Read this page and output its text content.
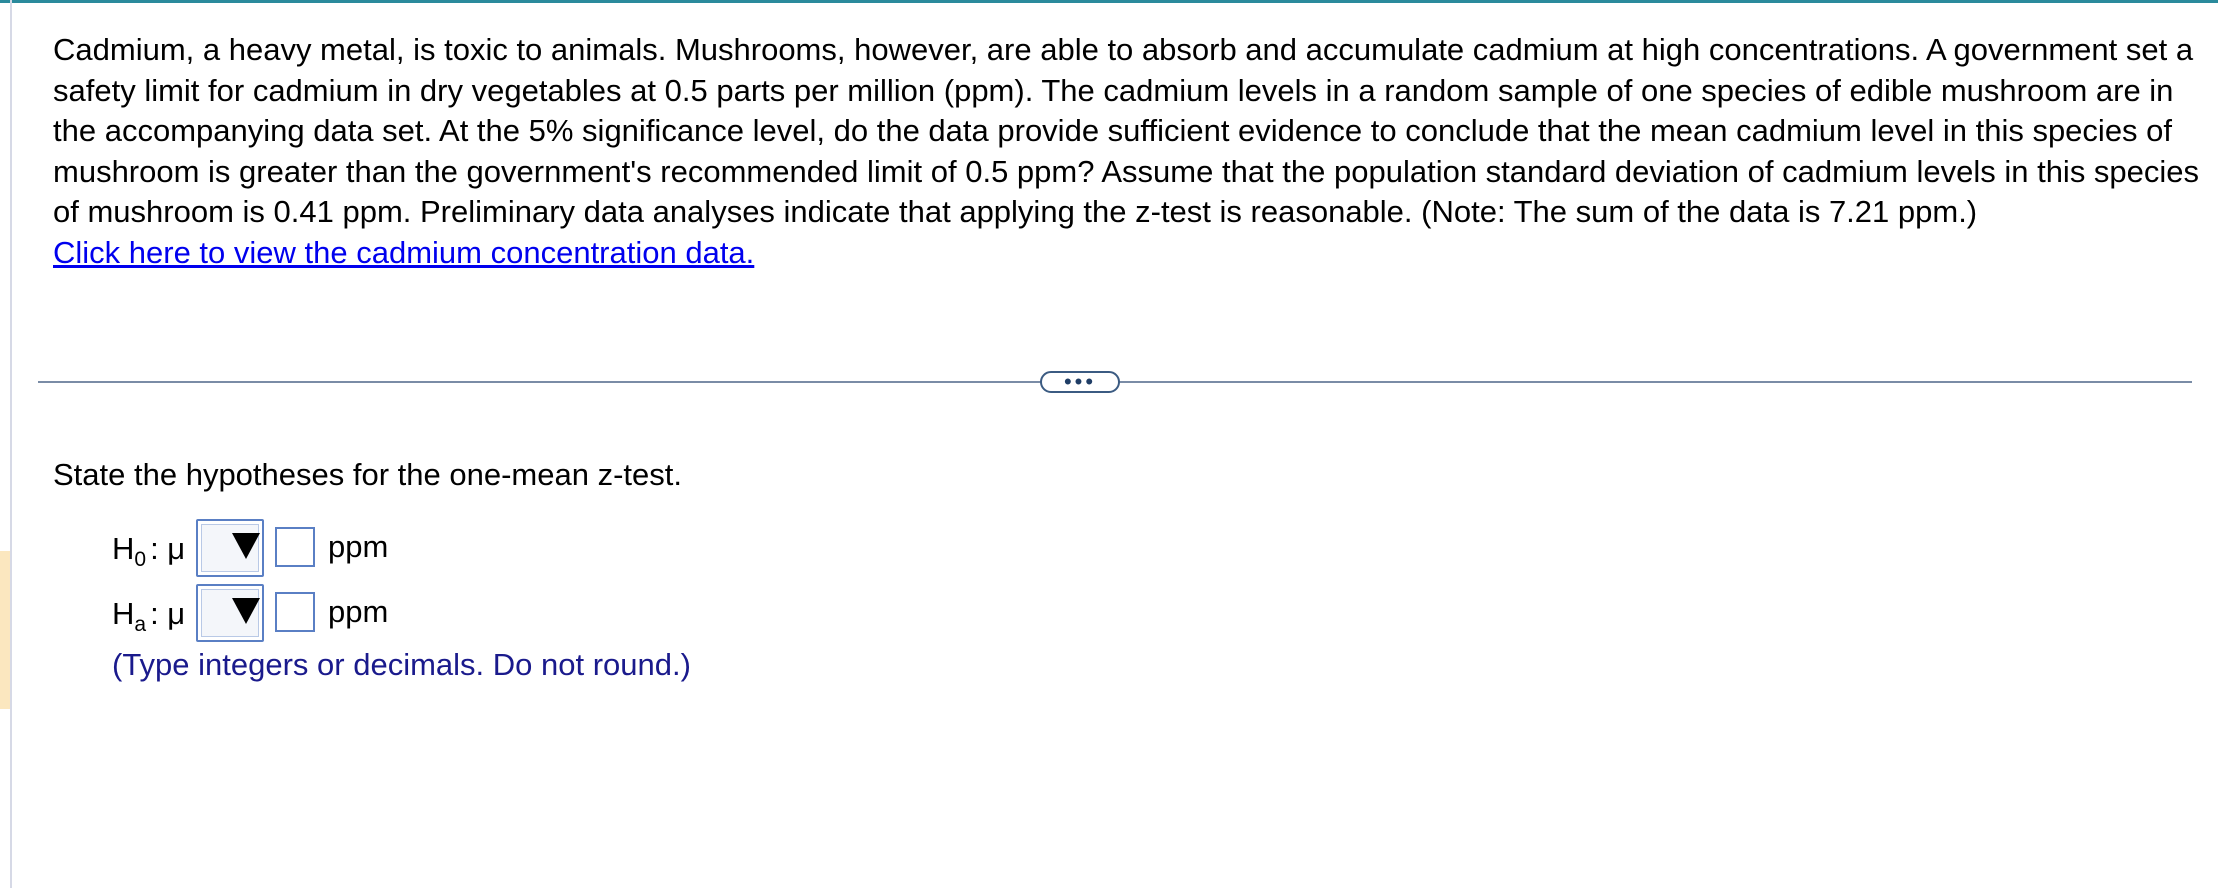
Cadmium, a heavy metal, is toxic to animals. Mushrooms, however, are able to absorb and accumulate cadmium at high concentrations. A government set a safety limit for cadmium in dry vegetables at 0.5 parts per million (ppm). The cadmium levels in a random sample of one species of edible mushroom are in the accompanying data set. At the 5% significance level, do the data provide sufficient evidence to conclude that the mean cadmium level in this species of mushroom is greater than the government's recommended limit of 0.5 ppm? Assume that the population standard deviation of cadmium levels in this species of mushroom is 0.41 ppm. Preliminary data analyses indicate that applying the z-test is reasonable. (Note: The sum of the data is 7.21 ppm.)

Click here to view the cadmium concentration data.
•••
State the hypotheses for the one-mean z-test.
$H_0$ : μ	ppm
$H_a$ : μ	ppm
(Type integers or decimals. Do not round.)
